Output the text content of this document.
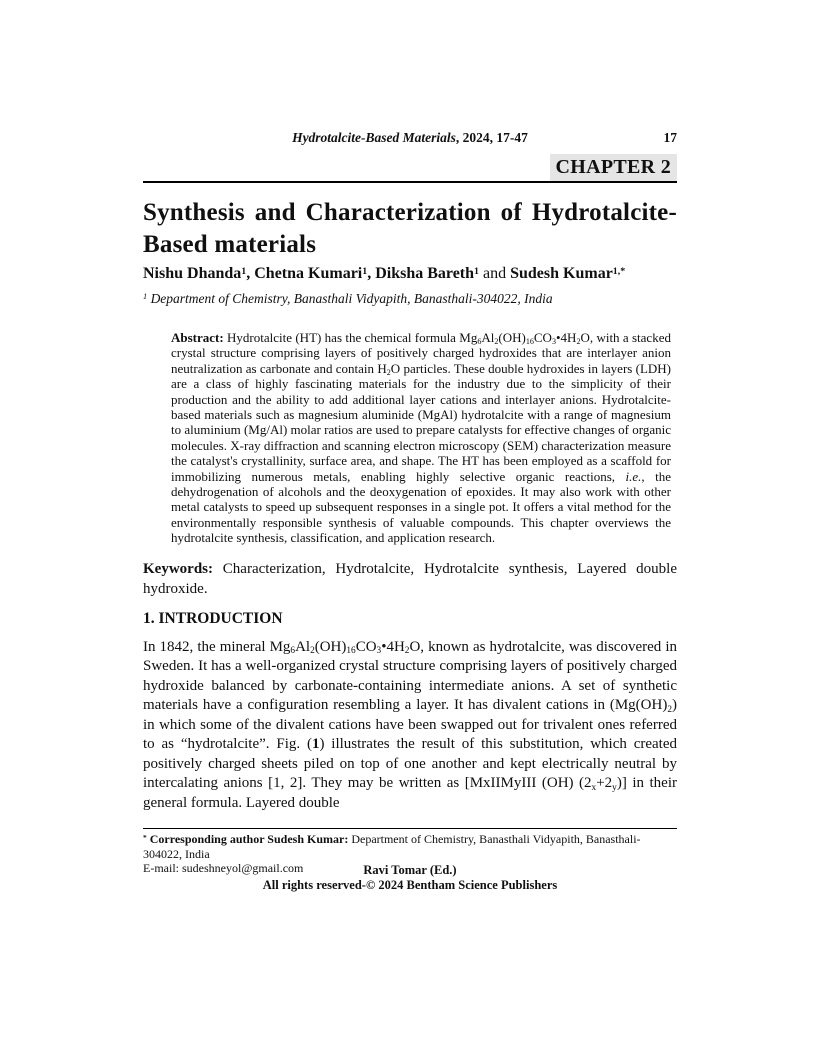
Hydrotalcite-Based Materials, 2024, 17-47	17
CHAPTER 2
Synthesis and Characterization of Hydrotalcite-Based materials
Nishu Dhanda$^1$, Chetna Kumari$^1$, Diksha Bareth$^1$ and Sudesh Kumar$^{1,*}$
$^1$ Department of Chemistry, Banasthali Vidyapith, Banasthali-304022, India
Abstract: Hydrotalcite (HT) has the chemical formula $Mg_6Al_2(OH)_{16}CO_3•4H_2O$, with a stacked crystal structure comprising layers of positively charged hydroxides that are interlayer anion neutralization as carbonate and contain $H_2O$ particles. These double hydroxides in layers (LDH) are a class of highly fascinating materials for the industry due to the simplicity of their production and the ability to add additional layer cations and interlayer anions. Hydrotalcite-based materials such as magnesium aluminide (MgAl) hydrotalcite with a range of magnesium to aluminium (Mg/Al) molar ratios are used to prepare catalysts for effective changes of organic molecules. X-ray diffraction and scanning electron microscopy (SEM) characterization measure the catalyst's crystallinity, surface area, and shape. The HT has been employed as a scaffold for immobilizing numerous metals, enabling highly selective organic reactions, i.e., the dehydrogenation of alcohols and the deoxygenation of epoxides. It may also work with other metal catalysts to speed up subsequent responses in a single pot. It offers a vital method for the environmentally responsible synthesis of valuable compounds. This chapter overviews the hydrotalcite synthesis, classification, and application research.
Keywords: Characterization, Hydrotalcite, Hydrotalcite synthesis, Layered double hydroxide.
1. INTRODUCTION
In 1842, the mineral $Mg_6Al_2(OH)_{16}CO_3•4H_2O$, known as hydrotalcite, was discovered in Sweden. It has a well-organized crystal structure comprising layers of positively charged hydroxide balanced by carbonate-containing intermediate anions. A set of synthetic materials have a configuration resembling a layer. It has divalent cations in $(Mg(OH)_2)$ in which some of the divalent cations have been swapped out for trivalent ones referred to as “hydrotalcite”. Fig. (1) illustrates the result of this substitution, which created positively charged sheets piled on top of one another and kept electrically neutral by intercalating anions [1, 2]. They may be written as [MxIIMyIII (OH) $(2_x+2_y)$] in their general formula. Layered double
* Corresponding author Sudesh Kumar: Department of Chemistry, Banasthali Vidyapith, Banasthali-304022, India
E-mail: sudeshneyol@gmail.com	Ravi Tomar (Ed.)
All rights reserved-© 2024 Bentham Science Publishers
